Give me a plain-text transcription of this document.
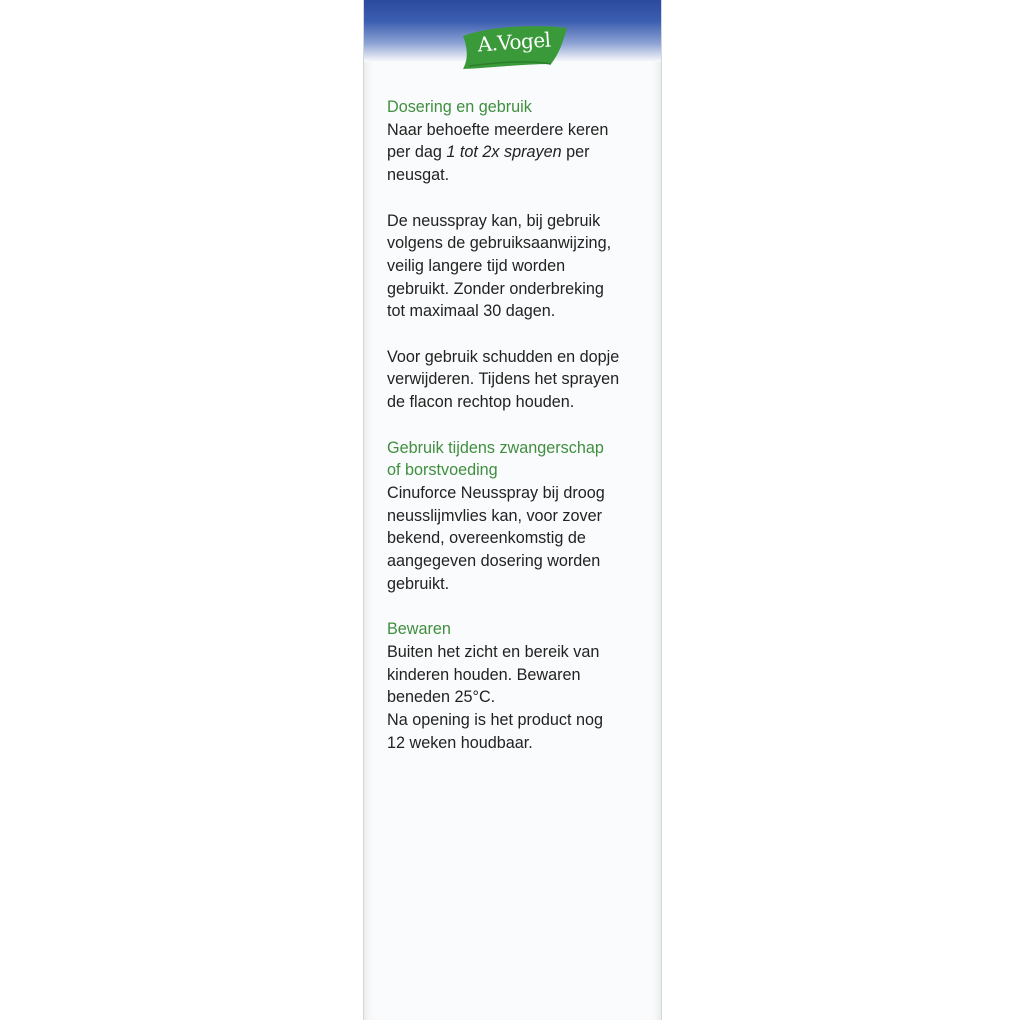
A.Vogel

Dosering en gebruik

Naar behoefte meerdere keren

per dag 1 tot 2x sprayen per

neusgat.

De neusspray kan, bij gebruik

volgens de gebruiksaanwijzing,

veilig langere tijd worden

gebruikt. Zonder onderbreking

tot maximaal 30 dagen.

Voor gebruik schudden en dopje

verwijderen. Tijdens het sprayen

de flacon rechtop houden.

Gebruik tijdens zwangerschap

of borstvoeding

Cinuforce Neusspray bij droog

neusslijmvlies kan, voor zover

bekend, overeenkomstig de

aangegeven dosering worden

gebruikt.

Bewaren

Buiten het zicht en bereik van

kinderen houden. Bewaren

beneden 25°C.

Na opening is het product nog

12 weken houdbaar.
